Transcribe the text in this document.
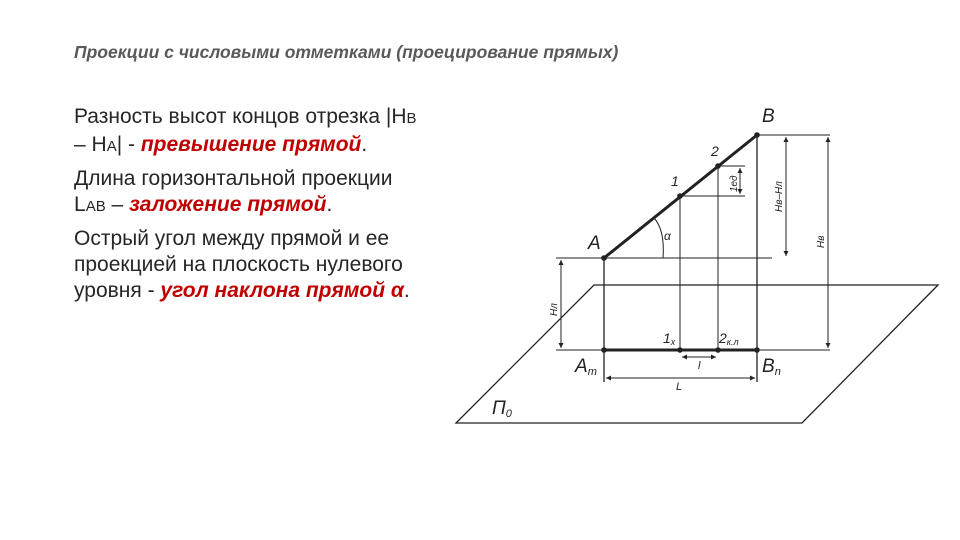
Проекции с числовыми отметками (проецирование прямых)

Разность высот концов отрезка |HB – HA| - превышение прямой.

Длина горизонтальной проекции LAB – заложение прямой.

Острый угол между прямой и ее проекцией на плоскость нулевого уровня - угол наклона прямой α.

B
A
2
1
α
1ед	Hв–Hл
Hв
Hл
Am	Bn
1x	2к.л
l
L
П0
